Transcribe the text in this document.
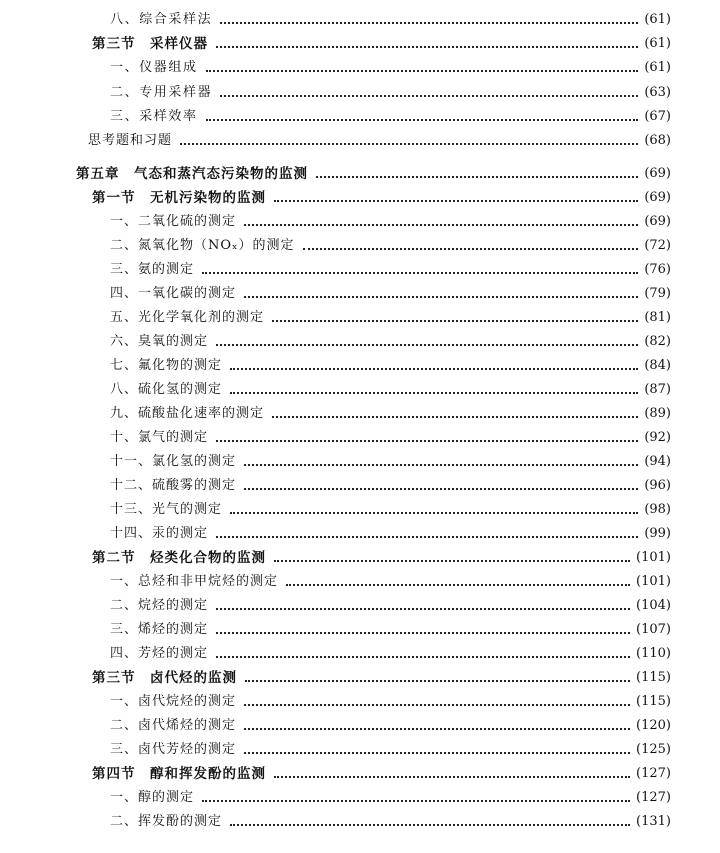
八、综合采样法	(61)
第三节　采样仪器	(61)
一、仪器组成	(61)
二、专用采样器	(63)
三、采样效率	(67)
思考题和习题	(68)
第五章　气态和蒸汽态污染物的监测	(69)
第一节　无机污染物的监测	(69)
一、二氧化硫的测定	(69)
二、氮氧化物（NOₓ）的测定	(72)
三、氨的测定	(76)
四、一氧化碳的测定	(79)
五、光化学氧化剂的测定	(81)
六、臭氧的测定	(82)
七、氟化物的测定	(84)
八、硫化氢的测定	(87)
九、硫酸盐化速率的测定	(89)
十、氯气的测定	(92)
十一、氯化氢的测定	(94)
十二、硫酸雾的测定	(96)
十三、光气的测定	(98)
十四、汞的测定	(99)
第二节　烃类化合物的监测	(101)
一、总烃和非甲烷烃的测定	(101)
二、烷烃的测定	(104)
三、烯烃的测定	(107)
四、芳烃的测定	(110)
第三节　卤代烃的监测	(115)
一、卤代烷烃的测定	(115)
二、卤代烯烃的测定	(120)
三、卤代芳烃的测定	(125)
第四节　醇和挥发酚的监测	(127)
一、醇的测定	(127)
二、挥发酚的测定	(131)
